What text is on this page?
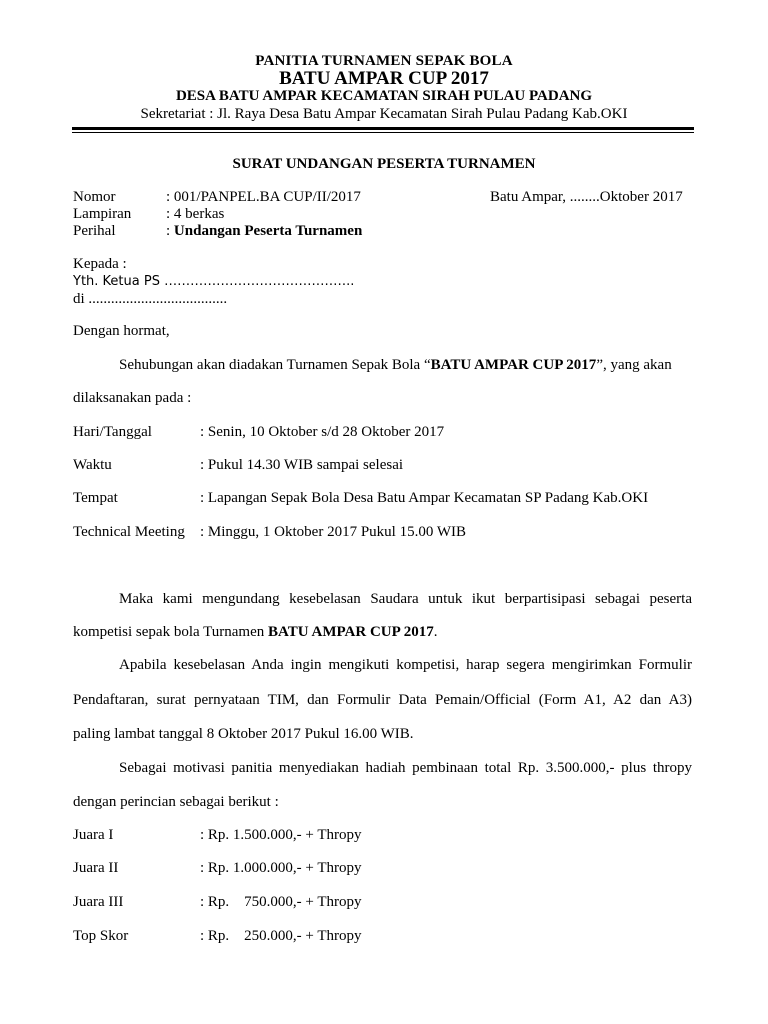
PANITIA TURNAMEN SEPAK BOLA
BATU AMPAR CUP 2017
DESA BATU AMPAR KECAMATAN SIRAH PULAU PADANG
Sekretariat : Jl. Raya Desa Batu Ampar Kecamatan Sirah Pulau Padang Kab.OKI
SURAT UNDANGAN PESERTA TURNAMEN
Nomor	: 001/PANPEL.BA CUP/II/2017	Batu Ampar, ........Oktober 2017
Lampiran : 4 berkas
Perihal	: Undangan Peserta Turnamen
Kepada :
Yth. Ketua PS ……………………………………..
di .....................................
Dengan hormat,
Sehubungan akan diadakan Turnamen Sepak Bola “BATU AMPAR CUP 2017”, yang akan
dilaksanakan pada :
Hari/Tanggal	: Senin, 10 Oktober s/d 28 Oktober 2017
Waktu	: Pukul 14.30 WIB sampai selesai
Tempat	: Lapangan Sepak Bola Desa Batu Ampar Kecamatan SP Padang Kab.OKI
Technical Meeting : Minggu, 1 Oktober 2017 Pukul 15.00 WIB
Maka kami mengundang kesebelasan Saudara untuk ikut berpartisipasi sebagai peserta
kompetisi sepak bola Turnamen BATU AMPAR CUP 2017.
Apabila kesebelasan Anda ingin mengikuti kompetisi, harap segera mengirimkan Formulir
Pendaftaran, surat pernyataan TIM, dan Formulir Data Pemain/Official (Form A1, A2 dan A3)
paling lambat tanggal 8 Oktober 2017 Pukul 16.00 WIB.
Sebagai motivasi panitia menyediakan hadiah pembinaan total Rp. 3.500.000,- plus thropy
dengan perincian sebagai berikut :
Juara I	: Rp. 1.500.000,- + Thropy
Juara II	: Rp. 1.000.000,- + Thropy
Juara III	: Rp.    750.000,- + Thropy
Top Skor	: Rp.    250.000,- + Thropy
